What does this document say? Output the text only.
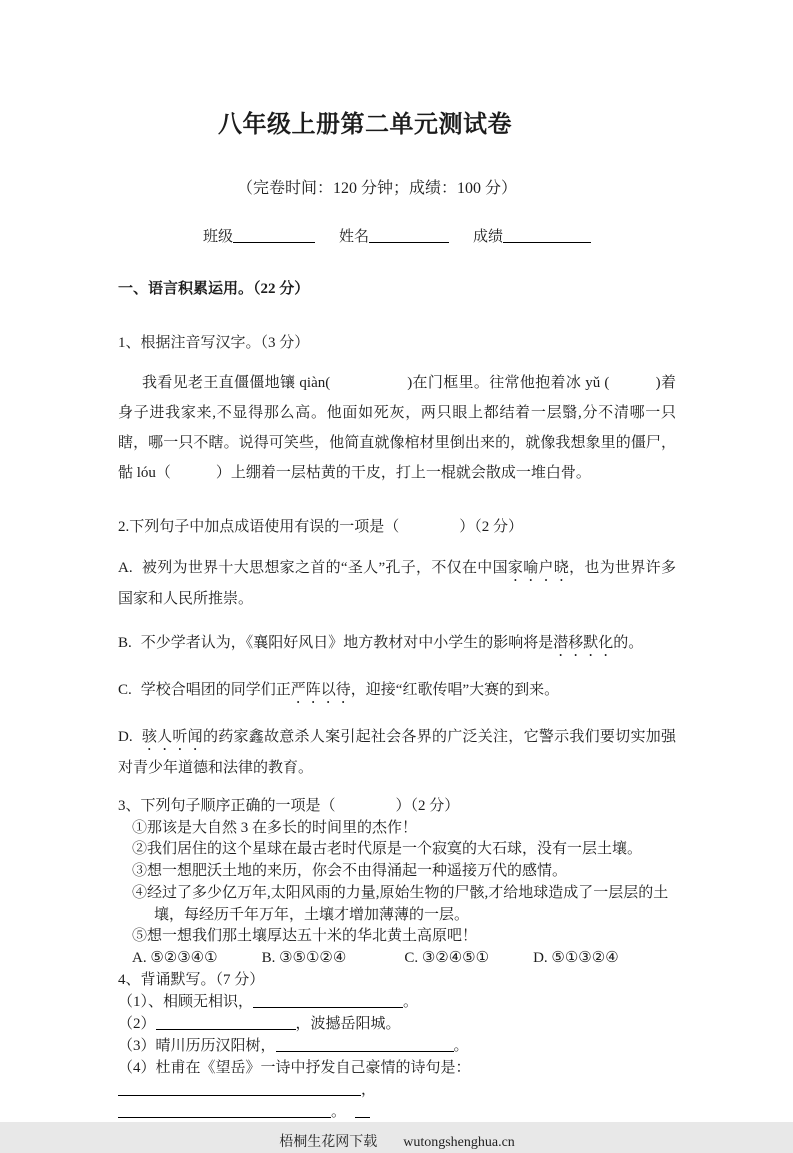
八年级上册第二单元测试卷
（完卷时间：120 分钟；成绩：100 分）
班级	姓名	成绩
一、语言积累运用。（22 分）
1、根据注音写汉字。（3 分）
我看见老王直僵僵地镶 qiàn(　　　　　)在门框里。往常他抱着冰 yǔ (　　　)着身子进我家来,不显得那么高。他面如死灰，两只眼上都结着一层翳,分不清哪一只瞎，哪一只不瞎。说得可笑些，他简直就像棺材里倒出来的，就像我想象里的僵尸，骷 lóu（　　　）上绷着一层枯黄的干皮，打上一棍就会散成一堆白骨。
2.下列句子中加点成语使用有误的一项是（　　　　）（2 分）
A. 被列为世界十大思想家之首的“圣人”孔子，不仅在中国家喻户晓，也为世界许多国家和人民所推崇。
B. 不少学者认为，《襄阳好风日》地方教材对中小学生的影响将是潜移默化的。
C. 学校合唱团的同学们正严阵以待，迎接“红歌传唱”大赛的到来。
D. 骇人听闻的药家鑫故意杀人案引起社会各界的广泛关注，它警示我们要切实加强对青少年道德和法律的教育。
3、下列句子顺序正确的一项是（　　　　）（2 分）
①那该是大自然 3 在多长的时间里的杰作！
②我们居住的这个星球在最古老时代原是一个寂寞的大石球，没有一层土壤。
③想一想肥沃土地的来历，你会不由得涌起一种遥接万代的感情。
④经过了多少亿万年,太阳风雨的力量,原始生物的尸骸,才给地球造成了一层层的土壤，每经历千年万年，土壤才增加薄薄的一层。
⑤想一想我们那土壤厚达五十米的华北黄土高原吧！
A. ⑤②③④①	B. ③⑤①②④	C. ③②④⑤①	D. ⑤①③②④
4、背诵默写。（7 分）
（1）、相顾无相识，	。
（2）	，波撼岳阳城。
（3）晴川历历汉阳树，	。
（4）杜甫在《望岳》一诗中抒发自己豪情的诗句是：，
。
梧桐生花网下载 wutongshenghua.cn
